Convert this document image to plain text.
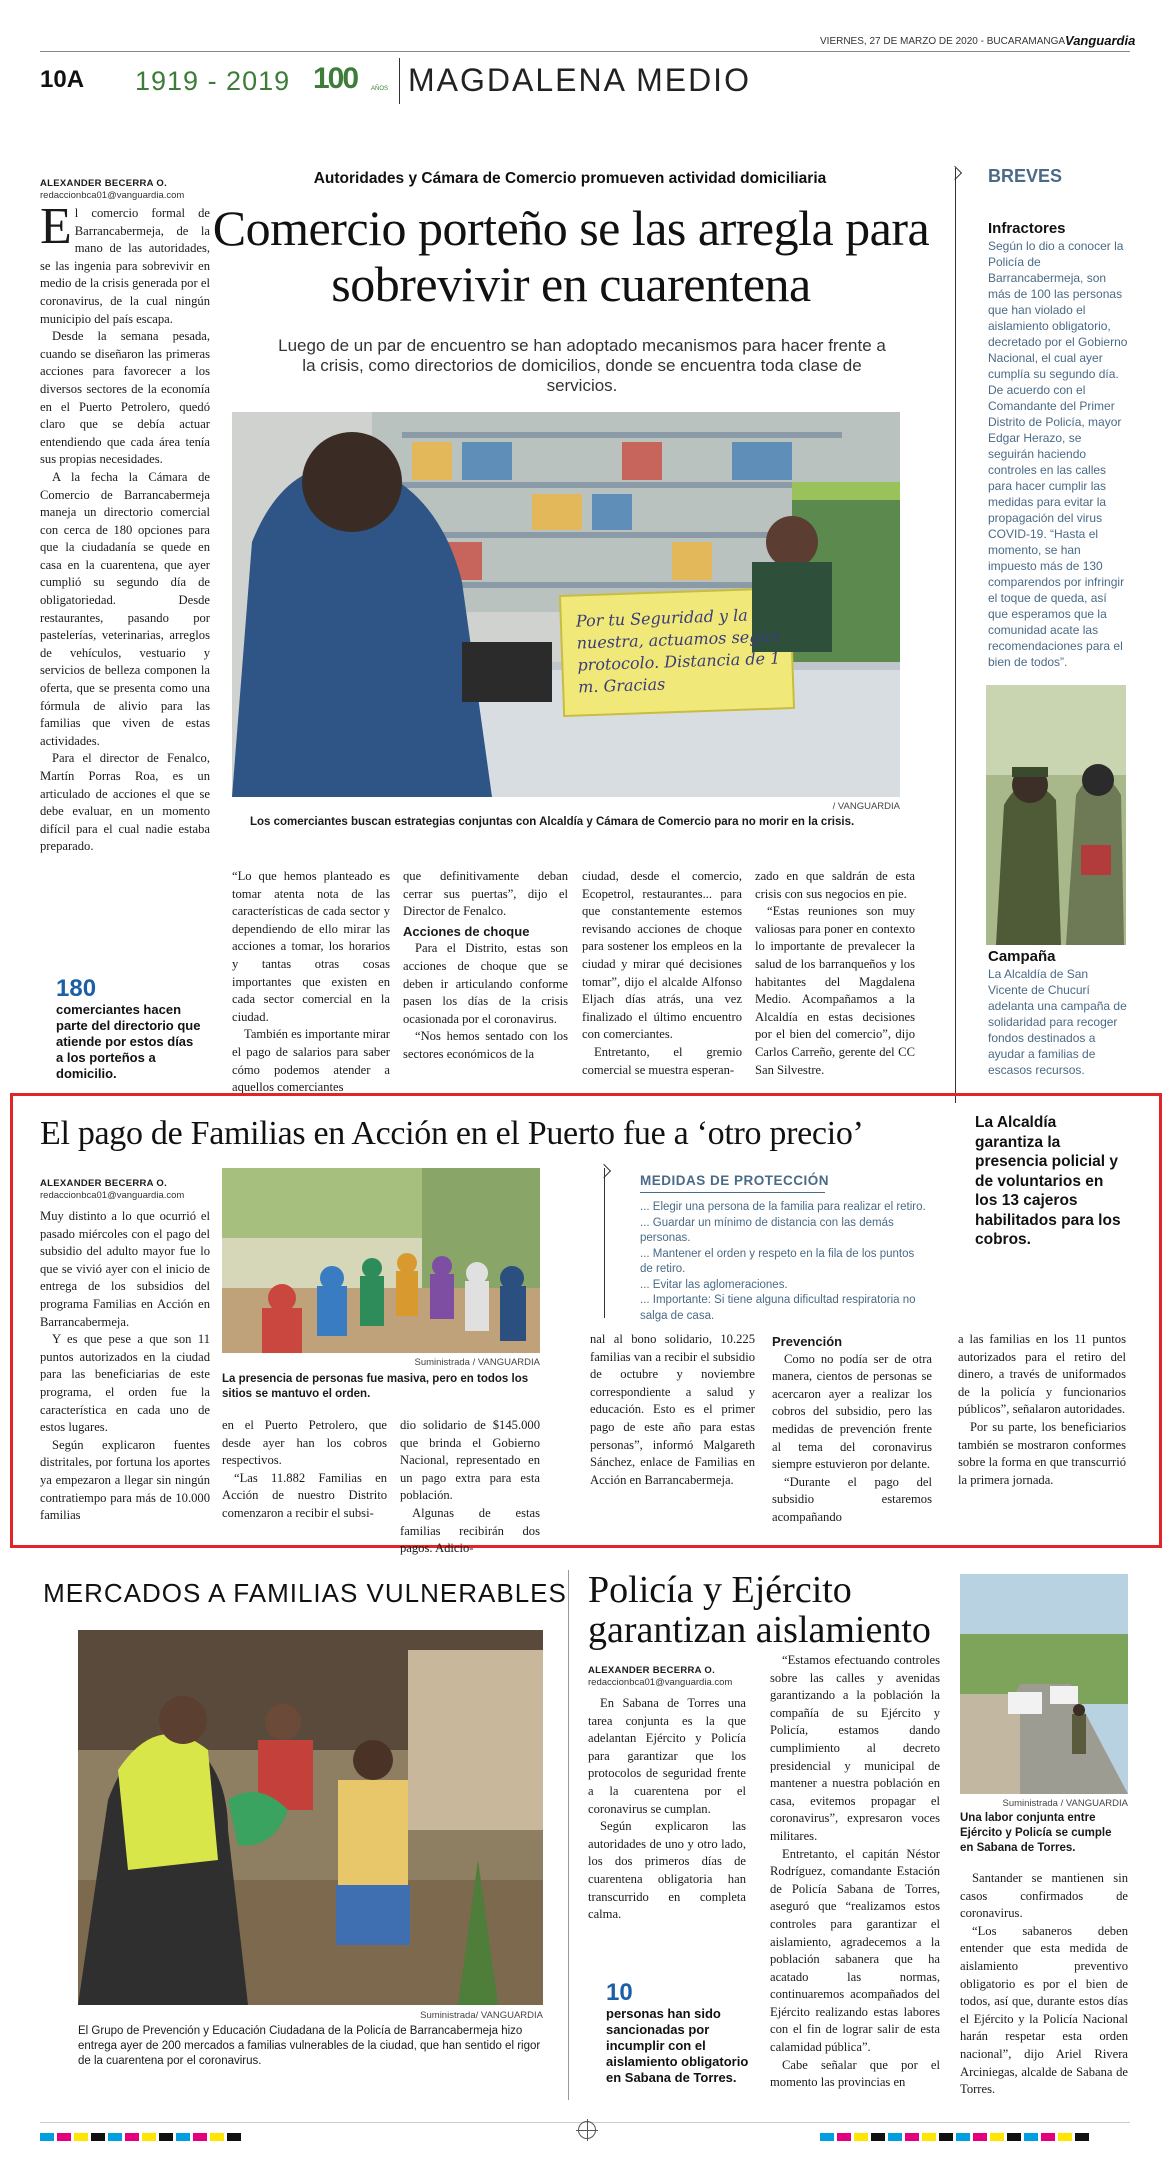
VIERNES, 27 DE MARZO DE 2020 - BUCARAMANGA Vanguardia
10A 1919 - 2019 100 AÑOS MAGDALENA MEDIO
ALEXANDER BECERRA O.
redaccionbca01@vanguardia.com
Autoridades y Cámara de Comercio promueven actividad domiciliaria
Comercio porteño se las arregla para sobrevivir en cuarentena
Luego de un par de encuentro se han adoptado mecanismos para hacer frente a la crisis, como directorios de domicilios, donde se encuentra toda clase de servicios.
Por tu Seguridad y la nuestra, actuamos según protocolo. Distancia de 1 m. Gracias
/ VANGUARDIA
Los comerciantes buscan estrategias conjuntas con Alcaldía y Cámara de Comercio para no morir en la crisis.

El comercio formal de Barrancabermeja, de la mano de las autoridades, se las ingenia para sobrevivir en medio de la crisis generada por el coronavirus, de la cual ningún municipio del país escapa.

Desde la semana pesada, cuando se diseñaron las primeras acciones para favorecer a los diversos sectores de la economía en el Puerto Petrolero, quedó claro que se debía actuar entendiendo que cada área tenía sus propias necesidades.

A la fecha la Cámara de Comercio de Barrancabermeja maneja un directorio comercial con cerca de 180 opciones para que la ciudadanía se quede en casa en la cuarentena, que ayer cumplió su segundo día de obligatoriedad. Desde restaurantes, pasando por pastelerías, veterinarias, arreglos de vehículos, vestuario y servicios de belleza componen la oferta, que se presenta como una fórmula de alivio para las familias que viven de estas actividades.

Para el director de Fenalco, Martín Porras Roa, es un articulado de acciones el que se debe evaluar, en un momento difícil para el cual nadie estaba preparado.

180
comerciantes hacen parte del directorio que atiende por estos días a los porteños a domicilio.

“Lo que hemos planteado es tomar atenta nota de las características de cada sector y dependiendo de ello mirar las acciones a tomar, los horarios y tantas otras cosas importantes que existen en cada sector comercial en la ciudad.

También es importante mirar el pago de salarios para saber cómo podemos atender a aquellos comerciantes

que definitivamente deban cerrar sus puertas”, dijo el Director de Fenalco.

Acciones de choque

Para el Distrito, estas son acciones de choque que se deben ir articulando conforme pasen los días de la crisis ocasionada por el coronavirus.

“Nos hemos sentado con los sectores económicos de la

ciudad, desde el comercio, Ecopetrol, restaurantes... para que constantemente estemos revisando acciones de choque para sostener los empleos en la ciudad y mirar qué decisiones tomar”, dijo el alcalde Alfonso Eljach días atrás, una vez finalizado el último encuentro con comerciantes.

Entretanto, el gremio comercial se muestra esperan-

zado en que saldrán de esta crisis con sus negocios en pie.

“Estas reuniones son muy valiosas para poner en contexto lo importante de prevalecer la salud de los barranqueños y los habitantes del Magdalena Medio. Acompañamos a la Alcaldía en estas decisiones por el bien del comercio”, dijo Carlos Carreño, gerente del CC San Silvestre.

BREVES
Infractores
Según lo dio a conocer la Policía de Barrancabermeja, son más de 100 las personas que han violado el aislamiento obligatorio, decretado por el Gobierno Nacional, el cual ayer cumplía su segundo día. De acuerdo con el Comandante del Primer Distrito de Policía, mayor Edgar Herazo, se seguirán haciendo controles en las calles para hacer cumplir las medidas para evitar la propagación del virus COVID-19. “Hasta el momento, se han impuesto más de 130 comparendos por infringir el toque de queda, así que esperamos que la comunidad acate las recomendaciones para el bien de todos”.
Campaña
La Alcaldía de San Vicente de Chucurí adelanta una campaña de solidaridad para recoger fondos destinados a ayudar a familias de escasos recursos.
El pago de Familias en Acción en el Puerto fue a ‘otro precio’	La Alcaldía garantiza la presencia policial y de voluntarios en los 13 cajeros habilitados para los cobros.
ALEXANDER BECERRA O.
redaccionbca01@vanguardia.com

Muy distinto a lo que ocurrió el pasado miércoles con el pago del subsidio del adulto mayor fue lo que se vivió ayer con el inicio de entrega de los subsidios del programa Familias en Acción en Barrancabermeja.

Y es que pese a que son 11 puntos autorizados en la ciudad para las beneficiarias de este programa, el orden fue la característica en cada uno de estos lugares.

Según explicaron fuentes distritales, por fortuna los aportes ya empezaron a llegar sin ningún contratiempo para más de 10.000 familias

Suministrada / VANGUARDIA
La presencia de personas fue masiva, pero en todos los sitios se mantuvo el orden.

en el Puerto Petrolero, que desde ayer han los cobros respectivos.

“Las 11.882 Familias en Acción de nuestro Distrito comenzaron a recibir el subsi-

dio solidario de $145.000 que brinda el Gobierno Nacional, representado en un pago extra para esta población.

Algunas de estas familias recibirán dos pagos. Adicio-

MEDIDAS DE PROTECCIÓN
... Elegir una persona de la familia para realizar el retiro.
... Guardar un mínimo de distancia con las demás personas.
... Mantener el orden y respeto en la fila de los puntos de retiro.
... Evitar las aglomeraciones.
... Importante: Si tiene alguna dificultad respiratoria no salga de casa.

nal al bono solidario, 10.225 familias van a recibir el subsidio de octubre y noviembre correspondiente a salud y educación. Esto es el primer pago de este año para estas personas”, informó Malgareth Sánchez, enlace de Familias en Acción en Barrancabermeja.

Prevención

Como no podía ser de otra manera, cientos de personas se acercaron ayer a realizar los cobros del subsidio, pero las medidas de prevención frente al tema del coronavirus siempre estuvieron por delante.

“Durante el pago del subsidio estaremos acompañando

a las familias en los 11 puntos autorizados para el retiro del dinero, a través de uniformados de la policía y funcionarios públicos”, señalaron autoridades.

Por su parte, los beneficiarios también se mostraron conformes sobre la forma en que transcurrió la primera jornada.

MERCADOS A FAMILIAS VULNERABLES
Suministrada/ VANGUARDIA
El Grupo de Prevención y Educación Ciudadana de la Policía de Barrancabermeja hizo entrega ayer de 200 mercados a familias vulnerables de la ciudad, que han sentido el rigor de la cuarentena por el coronavirus.
Policía y Ejército garantizan aislamiento
ALEXANDER BECERRA O.
redaccionbca01@vanguardia.com

En Sabana de Torres una tarea conjunta es la que adelantan Ejército y Policía para garantizar que los protocolos de seguridad frente a la cuarentena por el coronavirus se cumplan.

Según explicaron las autoridades de uno y otro lado, los dos primeros días de cuarentena obligatoria han transcurrido en completa calma.

10
personas han sido sancionadas por incumplir con el aislamiento obligatorio en Sabana de Torres.

“Estamos efectuando controles sobre las calles y avenidas garantizando a la población la compañía de su Ejército y Policía, estamos dando cumplimiento al decreto presidencial y municipal de mantener a nuestra población en casa, evitemos propagar el coronavirus”, expresaron voces militares.

Entretanto, el capitán Néstor Rodríguez, comandante Estación de Policía Sabana de Torres, aseguró que “realizamos estos controles para garantizar el aislamiento, agradecemos a la población sabanera que ha acatado las normas, continuaremos acompañados del Ejército realizando estas labores con el fin de lograr salir de esta calamidad pública”.

Cabe señalar que por el momento las provincias en

Suministrada / VANGUARDIA
Una labor conjunta entre Ejército y Policía se cumple en Sabana de Torres.

Santander se mantienen sin casos confirmados de coronavirus.

“Los sabaneros deben entender que esta medida de aislamiento preventivo obligatorio es por el bien de todos, así que, durante estos días el Ejército y la Policía Nacional harán respetar esta orden nacional”, dijo Ariel Rivera Arciniegas, alcalde de Sabana de Torres.
